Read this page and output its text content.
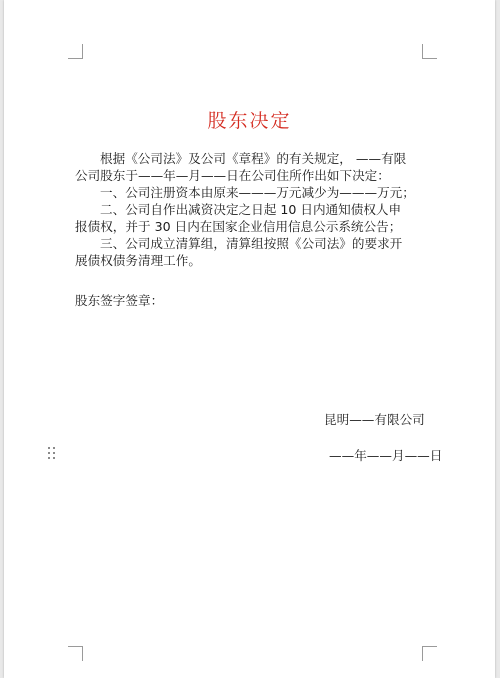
股东决定
根据《公司法》及公司《章程》的有关规定， ——有限
公司股东于——年—月——日在公司住所作出如下决定：
一、公司注册资本由原来———万元减少为———万元；
二、公司自作出减资决定之日起 10 日内通知债权人申
报债权，并于 30 日内在国家企业信用信息公示系统公告；
三、公司成立清算组，清算组按照《公司法》的要求开
展债权债务清理工作。
股东签字签章：
昆明——有限公司
——年——月——日
